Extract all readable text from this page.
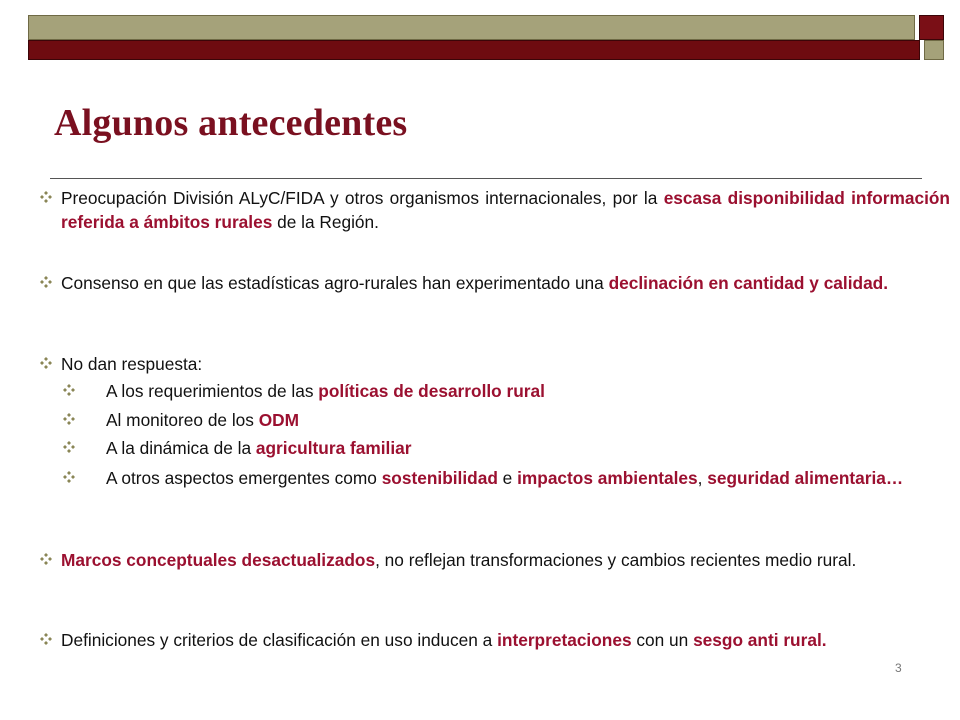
Algunos antecedentes
Preocupación División ALyC/FIDA y otros organismos internacionales, por la escasa disponibilidad información referida a ámbitos rurales de la Región.
Consenso en que las estadísticas agro-rurales han experimentado una declinación en cantidad y calidad.
No dan respuesta:
A los requerimientos de las políticas de desarrollo rural
Al monitoreo de los ODM
A la dinámica de la agricultura familiar
A otros aspectos emergentes como sostenibilidad e impactos ambientales, seguridad alimentaria…
Marcos conceptuales desactualizados, no reflejan transformaciones y cambios recientes medio rural.
Definiciones y criterios de clasificación en uso inducen a interpretaciones con un sesgo anti rural.
3
